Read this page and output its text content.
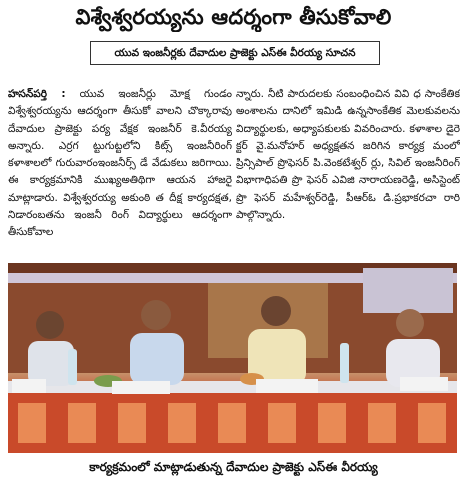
విశ్వేశ్వరయ్యను ఆదర్శంగా తీసుకోవాలి
యువ ఇంజనీర్లకు దేవాదుల ప్రాజెక్టు ఎస్ఈ వీరయ్య సూచన
హసన్‌పర్తి : యువ ఇంజనీర్లు మోక్ష గుండం విశ్వేశ్వరయ్యను ఆదర్శంగా తీసుకో వాలని చొక్కారావు దేవాదుల ప్రాజెక్టు పర్య వేక్షక ఇంజనీర్ కె.వీరయ్య అన్నారు. ఎర్రగ ట్టుగుట్టలోని కిట్స్ ఇంజనీరింగ్ కళాశాలలో గురువారంఇంజనీర్స్ డే వేడుకలు జరిగాయి. ఈ కార్యక్రమానికి ముఖ్యఅతిథిగా ఆయన హాజరై మాట్లాడారు. విశ్వేశ్వరయ్య అకుంఠి త దీక్ష కార్యదక్షత, నిడారంబతను ఇంజనీ రింగ్ విద్యార్థులు ఆదర్శంగా తీసుకోవాల
న్నారు. నీటి పారుదలకు సంబంధించిన వివి ధ సాంకేతిక అంశాలను దానిలో ఇమిడి ఉన్నసాంకేతిక మెలకువలను విద్యార్థులకు, అధ్యాపకులకు వివరించారు. కళాశాల డైరె క్టర్ వై.మనోహర్ అధ్యక్షతన జరిగిన కార్యక్ర మంలో ప్రిన్సిపాల్ ప్రొఫెసర్ పి.వెంకటేశ్వర్ ర్లు, సివిల్ ఇంజనీరింగ్ విభాగాధిపతి ప్రొ ఫెసర్ ఎవిజి నారాయణరెడ్డి, అసిస్టెంట్ ప్రొ ఫెసర్ మహేశ్వర్‌రెడ్డి, పీఆర్ఓ డి.ప్రభాకరచా రారి పాల్గొన్నారు.
కార్యక్రమంలో మాట్లాడుతున్న దేవాదుల ప్రాజెక్టు ఎస్ఈ వీరయ్య
